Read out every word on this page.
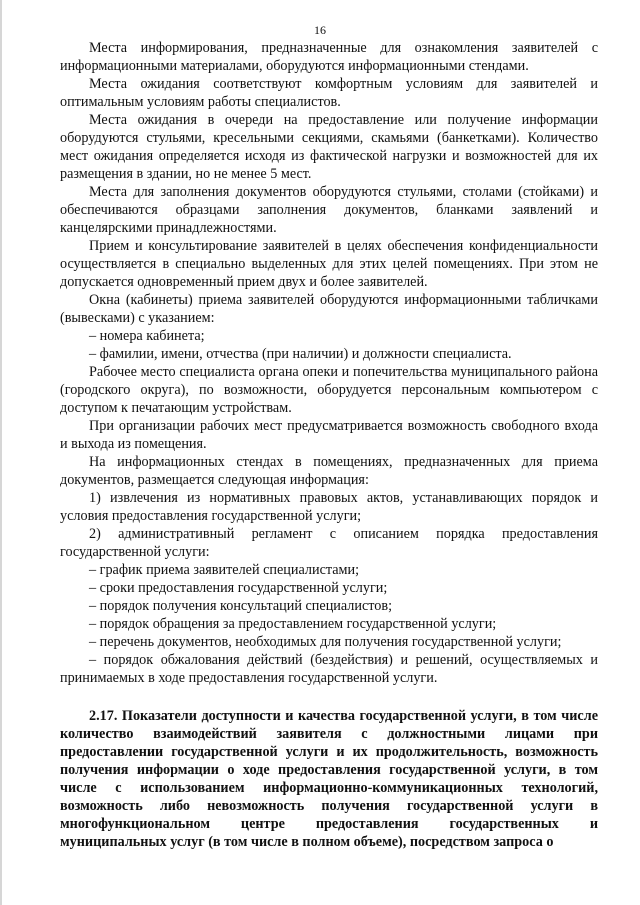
16

Места информирования, предназначенные для ознакомления заявителей с информационными материалами, оборудуются информационными стендами.

Места ожидания соответствуют комфортным условиям для заявителей и оптимальным условиям работы специалистов.

Места ожидания в очереди на предоставление или получение информации оборудуются стульями, кресельными секциями, скамьями (банкетками). Количество мест ожидания определяется исходя из фактической нагрузки и возможностей для их размещения в здании, но не менее 5 мест.

Места для заполнения документов оборудуются стульями, столами (стойками) и обеспечиваются образцами заполнения документов, бланками заявлений и канцелярскими принадлежностями.

Прием и консультирование заявителей в целях обеспечения конфиденциальности осуществляется в специально выделенных для этих целей помещениях. При этом не допускается одновременный прием двух и более заявителей.

Окна (кабинеты) приема заявителей оборудуются информационными табличками (вывесками) с указанием:

– номера кабинета;

– фамилии, имени, отчества (при наличии) и должности специалиста.

Рабочее место специалиста органа опеки и попечительства муниципального района (городского округа), по возможности, оборудуется персональным компьютером с доступом к печатающим устройствам.

При организации рабочих мест предусматривается возможность свободного входа и выхода из помещения.

На информационных стендах в помещениях, предназначенных для приема документов, размещается следующая информация:

1) извлечения из нормативных правовых актов, устанавливающих порядок и условия предоставления государственной услуги;

2) административный регламент с описанием порядка предоставления государственной услуги:

– график приема заявителей специалистами;

– сроки предоставления государственной услуги;

– порядок получения консультаций специалистов;

– порядок обращения за предоставлением государственной услуги;

– перечень документов, необходимых для получения государственной услуги;

– порядок обжалования действий (бездействия) и решений, осуществляемых и принимаемых в ходе предоставления государственной услуги.

2.17. Показатели доступности и качества государственной услуги, в том числе количество взаимодействий заявителя с должностными лицами при предоставлении государственной услуги и их продолжительность, возможность получения информации о ходе предоставления государственной услуги, в том числе с использованием информационно-коммуникационных технологий, возможность либо невозможность получения государственной услуги в многофункциональном центре предоставления государственных и муниципальных услуг (в том числе в полном объеме), посредством запроса о
